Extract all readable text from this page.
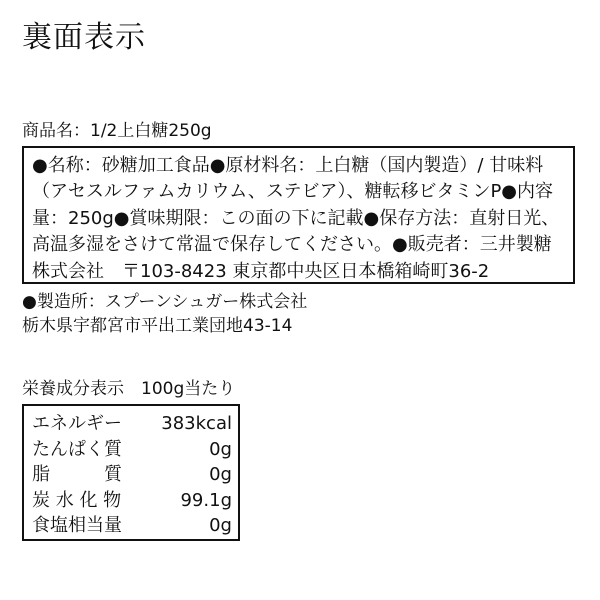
裏面表示
商品名：1/2上白糖250g
●名称：砂糖加工食品●原材料名：上白糖（国内製造）/ 甘味料
（アセスルファムカリウム、ステビア）、糖転移ビタミンP●内容
量：250g●賞味期限：この面の下に記載●保存方法：直射日光、
高温多湿をさけて常温で保存してください。●販売者：三井製糖
株式会社　〒103-8423 東京都中央区日本橋箱崎町36-2
●製造所：スプーンシュガー株式会社
栃木県宇都宮市平出工業団地43-14
栄養成分表示　100g当たり
エネルギー 383kcal
たんぱく質	0g
脂　　　質	0g
炭 水 化 物	99.1g
食塩相当量	0g
